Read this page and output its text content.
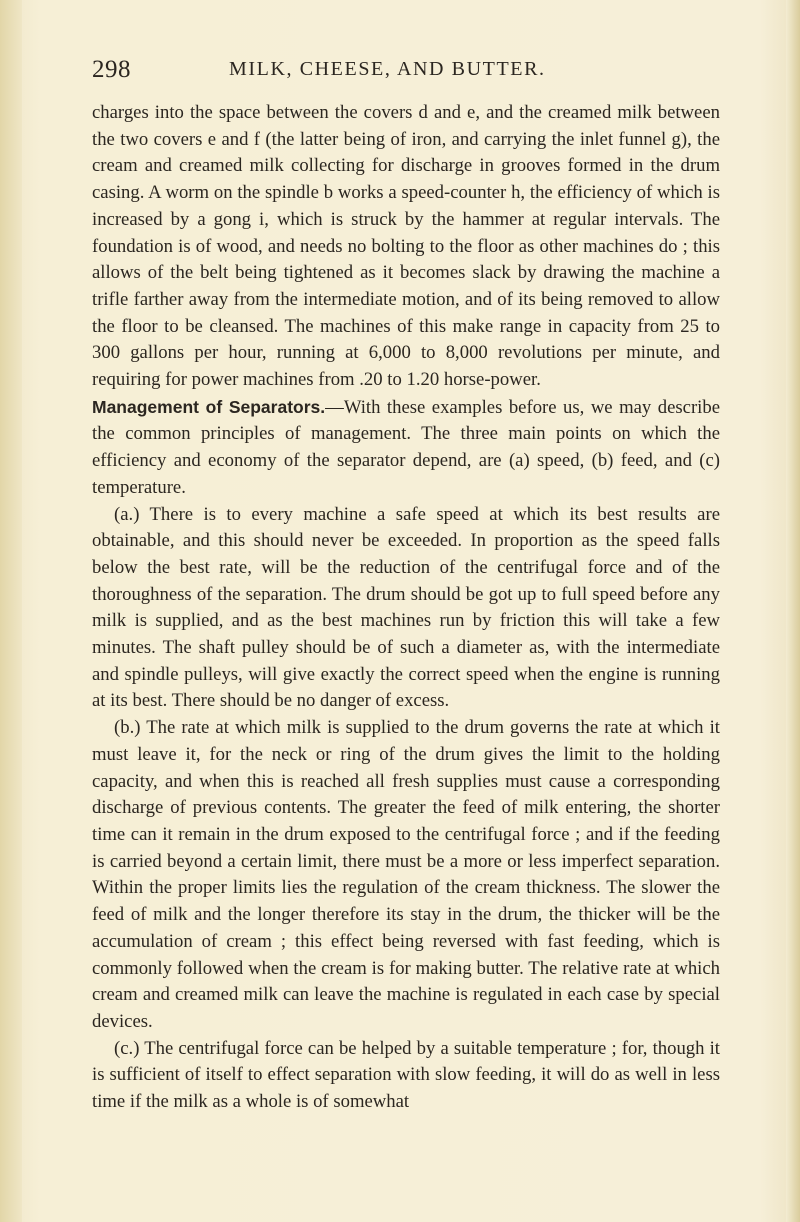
298	MILK, CHEESE, AND BUTTER.

charges into the space between the covers d and e, and the creamed milk between the two covers e and f (the latter being of iron, and carrying the inlet funnel g), the cream and creamed milk collecting for discharge in grooves formed in the drum casing. A worm on the spindle b works a speed-counter h, the efficiency of which is increased by a gong i, which is struck by the hammer at regular intervals. The foundation is of wood, and needs no bolting to the floor as other machines do ; this allows of the belt being tightened as it becomes slack by drawing the machine a trifle farther away from the intermediate motion, and of its being removed to allow the floor to be cleansed. The machines of this make range in capacity from 25 to 300 gallons per hour, running at 6,000 to 8,000 revolutions per minute, and requiring for power machines from .20 to 1.20 horse-power.

Management of Separators.—With these examples before us, we may describe the common principles of management. The three main points on which the efficiency and economy of the separator depend, are (a) speed, (b) feed, and (c) temperature.

(a.) There is to every machine a safe speed at which its best results are obtainable, and this should never be exceeded. In proportion as the speed falls below the best rate, will be the reduction of the centrifugal force and of the thoroughness of the separation. The drum should be got up to full speed before any milk is supplied, and as the best machines run by friction this will take a few minutes. The shaft pulley should be of such a diameter as, with the intermediate and spindle pulleys, will give exactly the correct speed when the engine is running at its best. There should be no danger of excess.

(b.) The rate at which milk is supplied to the drum governs the rate at which it must leave it, for the neck or ring of the drum gives the limit to the holding capacity, and when this is reached all fresh supplies must cause a corresponding discharge of previous contents. The greater the feed of milk entering, the shorter time can it remain in the drum exposed to the centrifugal force ; and if the feeding is carried beyond a certain limit, there must be a more or less imperfect separation. Within the proper limits lies the regulation of the cream thickness. The slower the feed of milk and the longer therefore its stay in the drum, the thicker will be the accumulation of cream ; this effect being reversed with fast feeding, which is commonly followed when the cream is for making butter. The relative rate at which cream and creamed milk can leave the machine is regulated in each case by special devices.

(c.) The centrifugal force can be helped by a suitable temperature ; for, though it is sufficient of itself to effect separation with slow feeding, it will do as well in less time if the milk as a whole is of somewhat
